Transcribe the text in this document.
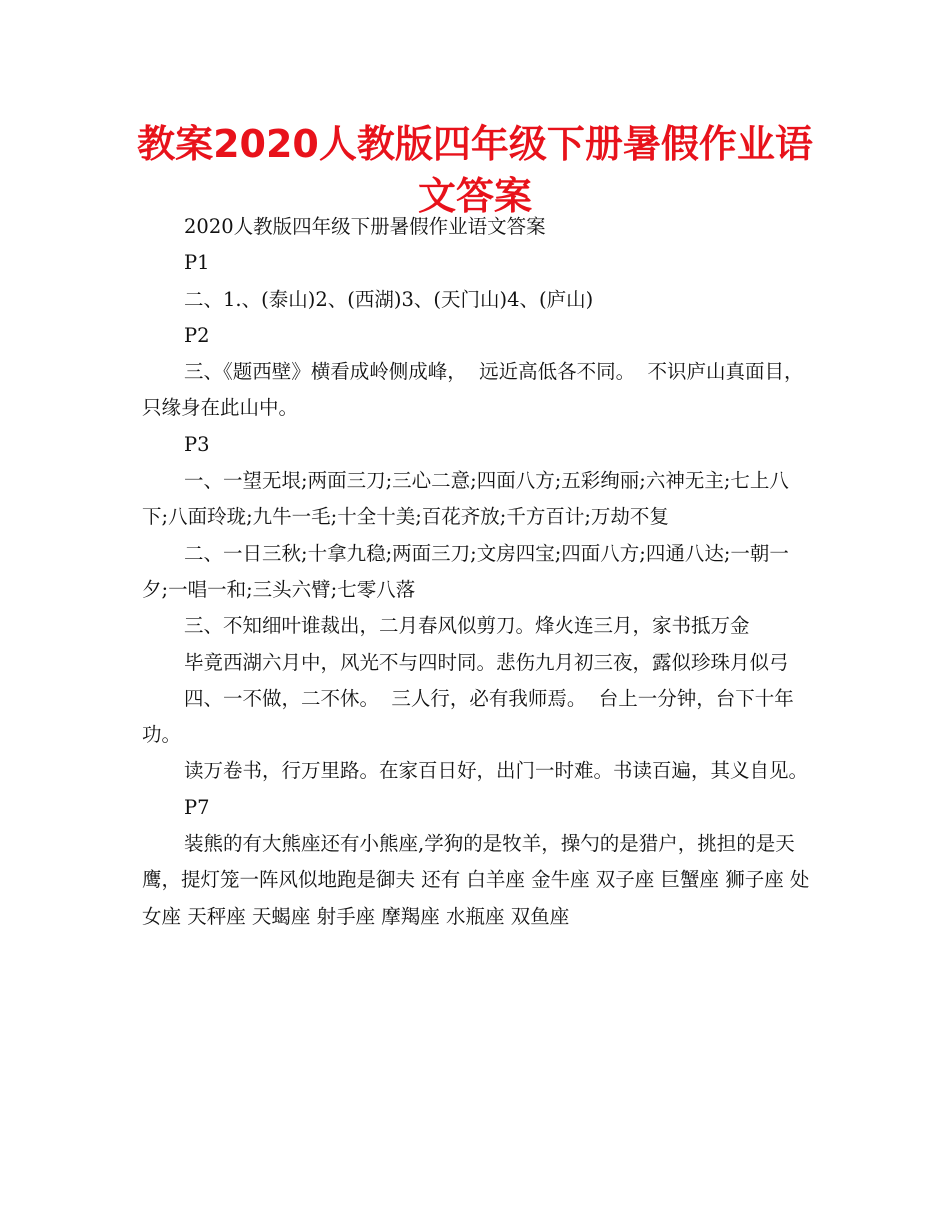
教案2020人教版四年级下册暑假作业语文答案

2020人教版四年级下册暑假作业语文答案

P1

二、1.、(泰山)2、(西湖)3、(天门山)4、(庐山)

P2

三、《题西壁》横看成岭侧成峰，  远近高低各不同。  不识庐山真面目，  只缘身在此山中。

P3

一、一望无垠;两面三刀;三心二意;四面八方;五彩绚丽;六神无主;七上八下;八面玲珑;九牛一毛;十全十美;百花齐放;千方百计;万劫不复

二、一日三秋;十拿九稳;两面三刀;文房四宝;四面八方;四通八达;一朝一夕;一唱一和;三头六臂;七零八落

三、不知细叶谁裁出，二月春风似剪刀。烽火连三月，家书抵万金

毕竟西湖六月中，风光不与四时同。悲伤九月初三夜，露似珍珠月似弓

四、一不做，二不休。  三人行，必有我师焉。  台上一分钟，台下十年功。

读万卷书，行万里路。在家百日好，出门一时难。书读百遍，其义自见。

P7

装熊的有大熊座还有小熊座,学狗的是牧羊，操勺的是猎户，挑担的是天鹰，提灯笼一阵风似地跑是御夫 还有 白羊座 金牛座 双子座 巨蟹座 狮子座 处女座 天秤座 天蝎座 射手座 摩羯座 水瓶座 双鱼座
